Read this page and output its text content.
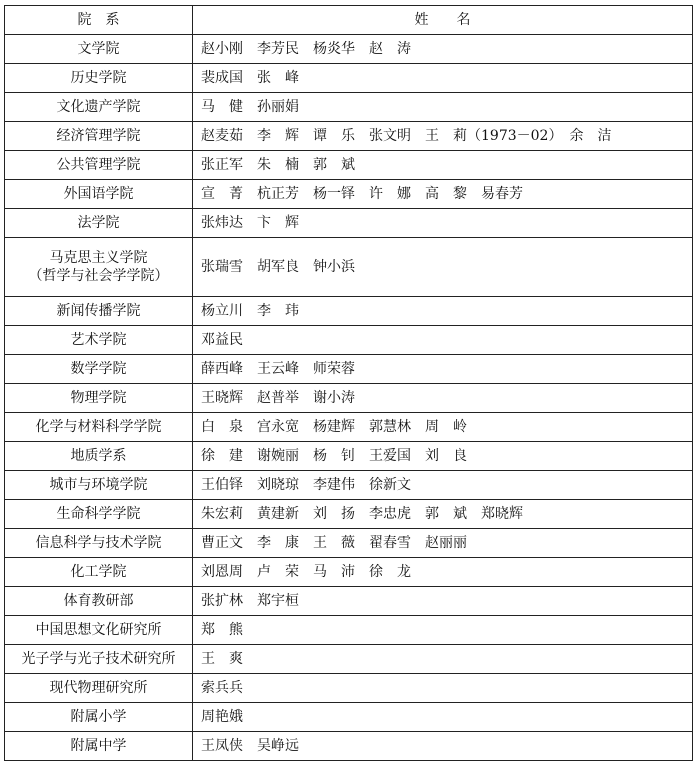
院　系	姓　　名
文学院	赵小刚　李芳民　杨炎华　赵　涛
历史学院	裴成国　张　峰
文化遗产学院	马　健　孙丽娟
经济管理学院	赵麦茹　李　辉　谭　乐　张文明　王　莉（1973－02）　余　洁
公共管理学院	张正军　朱　楠　郭　斌
外国语学院	宣　菁　杭正芳　杨一铎　许　娜　高　黎　易春芳
法学院	张炜达　卞　辉

马克思主义学院
（哲学与社会学学院）	张瑞雪　胡军良　钟小浜
新闻传播学院	杨立川　李　玮
艺术学院	邓益民
数学学院	薛西峰　王云峰　师荣蓉
物理学院	王晓辉　赵普举　谢小涛
化学与材料科学学院	白　泉　宫永宽　杨建辉　郭慧林　周　岭
地质学系	徐　建　谢婉丽　杨　钊　王爱国　刘　良
城市与环境学院	王伯铎　刘晓琼　李建伟　徐新文
生命科学学院	朱宏莉　黄建新　刘　扬　李忠虎　郭　斌　郑晓辉
信息科学与技术学院	曹正文　李　康　王　薇　翟春雪　赵丽丽
化工学院	刘恩周　卢　荣　马　沛　徐　龙
体育教研部	张扩林　郑宇桓
中国思想文化研究所	郑　熊
光子学与光子技术研究所	王　爽
现代物理研究所	索兵兵
附属小学	周艳娥
附属中学	王凤侠　吴峥远
